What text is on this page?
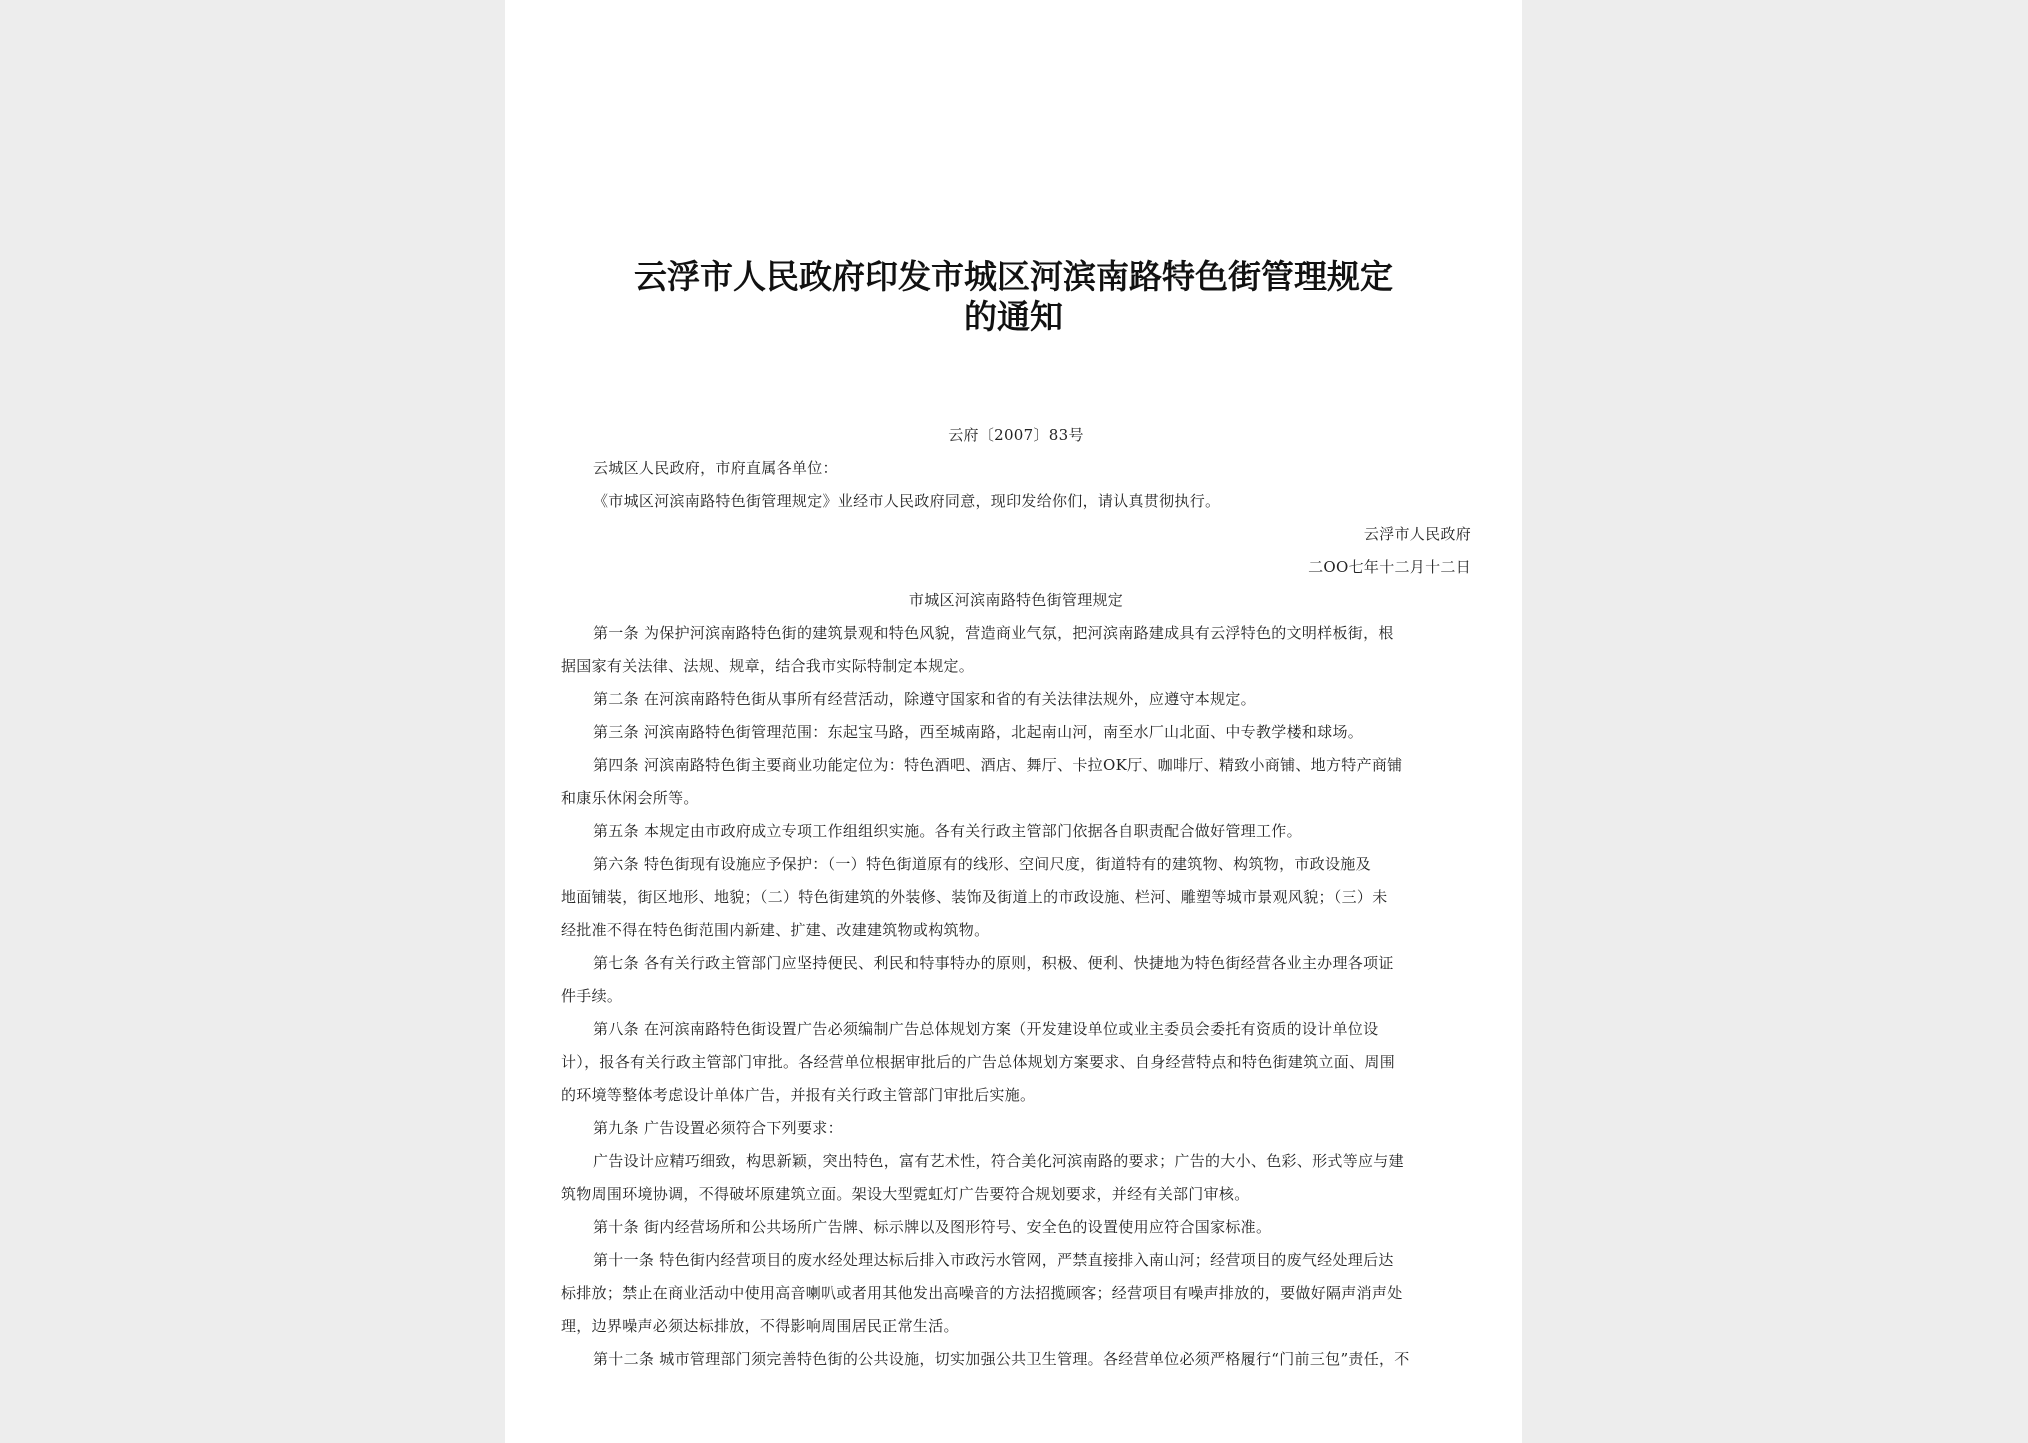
云浮市人民政府印发市城区河滨南路特色街管理规定
的通知
云府〔2007〕83号
云城区人民政府，市府直属各单位：
《市城区河滨南路特色街管理规定》业经市人民政府同意，现印发给你们，请认真贯彻执行。
云浮市人民政府
二OO七年十二月十二日
市城区河滨南路特色街管理规定
第一条 为保护河滨南路特色街的建筑景观和特色风貌，营造商业气氛，把河滨南路建成具有云浮特色的文明样板街，根
据国家有关法律、法规、规章，结合我市实际特制定本规定。
第二条 在河滨南路特色街从事所有经营活动，除遵守国家和省的有关法律法规外，应遵守本规定。
第三条 河滨南路特色街管理范围：东起宝马路，西至城南路，北起南山河，南至水厂山北面、中专教学楼和球场。
第四条 河滨南路特色街主要商业功能定位为：特色酒吧、酒店、舞厅、卡拉OK厅、咖啡厅、精致小商铺、地方特产商铺
和康乐休闲会所等。
第五条 本规定由市政府成立专项工作组组织实施。各有关行政主管部门依据各自职责配合做好管理工作。
第六条 特色街现有设施应予保护：（一）特色街道原有的线形、空间尺度，街道特有的建筑物、构筑物，市政设施及
地面铺装，街区地形、地貌；（二）特色街建筑的外装修、装饰及街道上的市政设施、栏河、雕塑等城市景观风貌；（三）未
经批准不得在特色街范围内新建、扩建、改建建筑物或构筑物。
第七条 各有关行政主管部门应坚持便民、利民和特事特办的原则，积极、便利、快捷地为特色街经营各业主办理各项证
件手续。
第八条 在河滨南路特色街设置广告必须编制广告总体规划方案（开发建设单位或业主委员会委托有资质的设计单位设
计），报各有关行政主管部门审批。各经营单位根据审批后的广告总体规划方案要求、自身经营特点和特色街建筑立面、周围
的环境等整体考虑设计单体广告，并报有关行政主管部门审批后实施。
第九条 广告设置必须符合下列要求：
广告设计应精巧细致，构思新颖，突出特色，富有艺术性，符合美化河滨南路的要求；广告的大小、色彩、形式等应与建
筑物周围环境协调，不得破坏原建筑立面。架设大型霓虹灯广告要符合规划要求，并经有关部门审核。
第十条 街内经营场所和公共场所广告牌、标示牌以及图形符号、安全色的设置使用应符合国家标准。
第十一条 特色街内经营项目的废水经处理达标后排入市政污水管网，严禁直接排入南山河；经营项目的废气经处理后达
标排放；禁止在商业活动中使用高音喇叭或者用其他发出高噪音的方法招揽顾客；经营项目有噪声排放的，要做好隔声消声处
理，边界噪声必须达标排放，不得影响周围居民正常生活。
第十二条 城市管理部门须完善特色街的公共设施，切实加强公共卫生管理。各经营单位必须严格履行“门前三包”责任，不
